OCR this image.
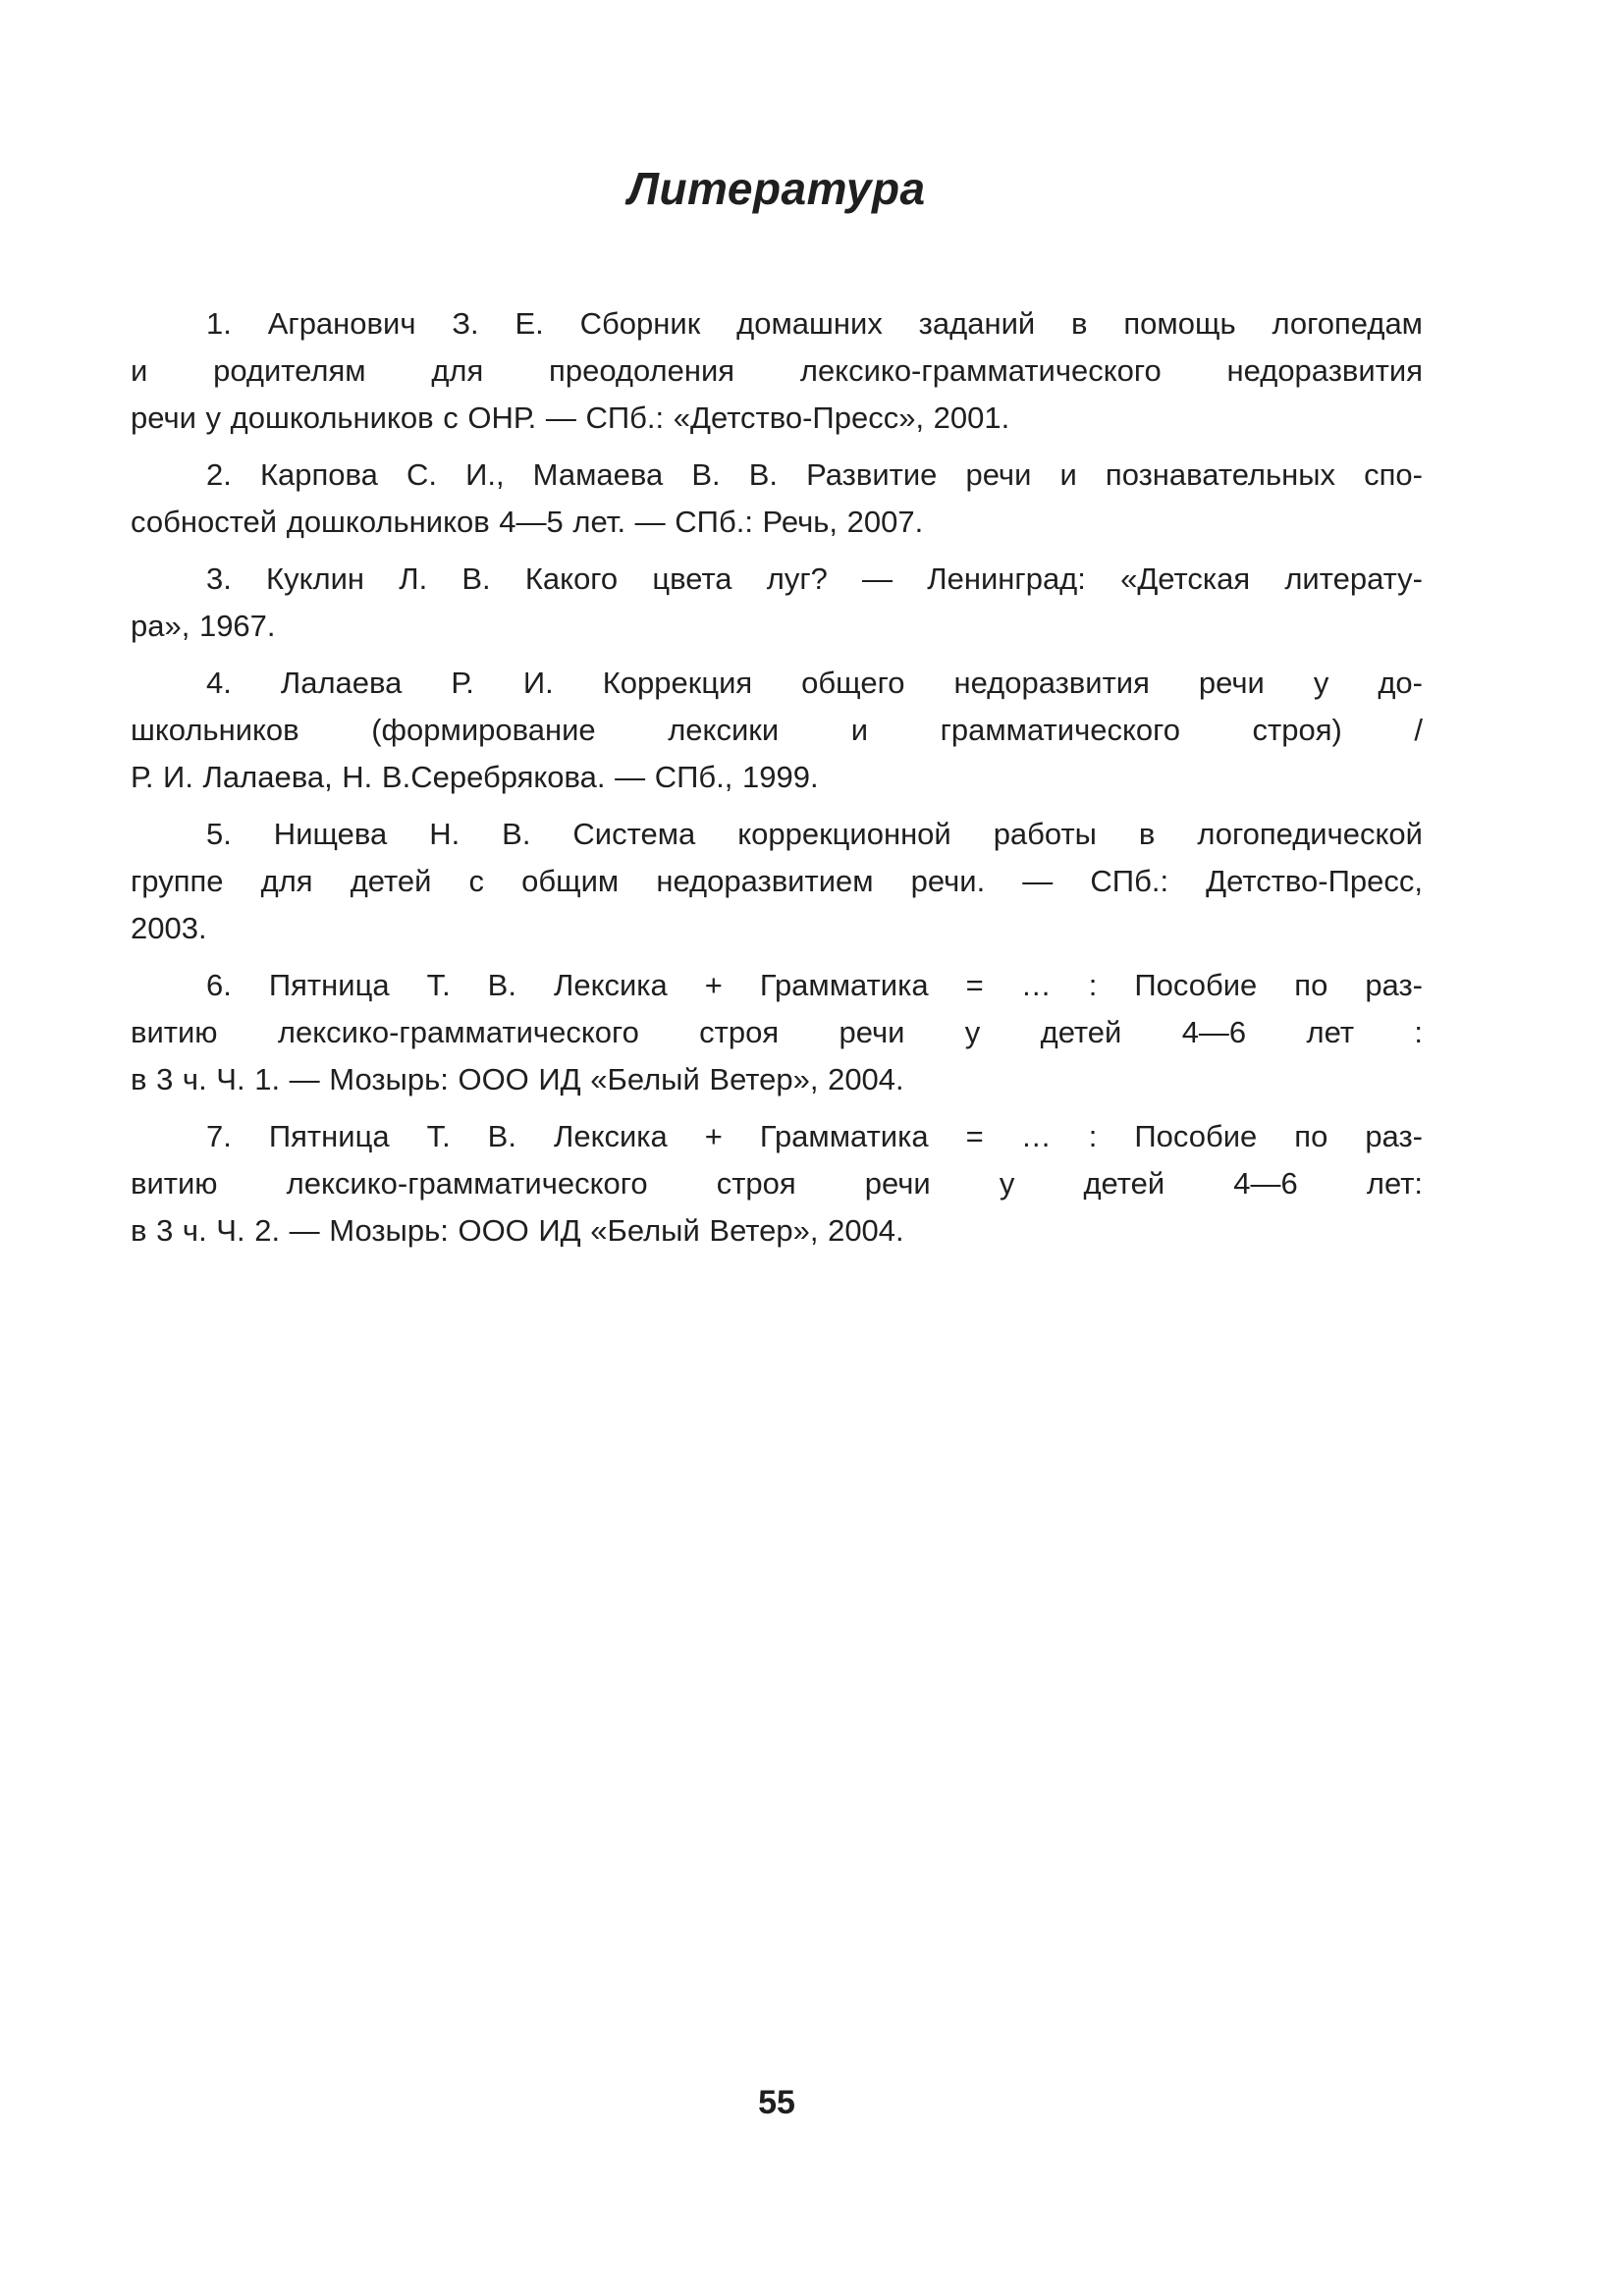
Литература
1. Агранович З. Е. Сборник домашних заданий в помощь логопедам
и родителям для преодоления лексико-грамматического недоразвития
речи у дошкольников с ОНР. — СПб.: «Детство-Пресс», 2001.
2. Карпова С. И., Мамаева В. В. Развитие речи и познавательных спо-
собностей дошкольников 4—5 лет. — СПб.: Речь, 2007.
3. Куклин Л. В. Какого цвета луг? — Ленинград: «Детская литерату-
ра», 1967.
4. Лалаева Р. И. Коррекция общего недоразвития речи у до-
школьников (формирование лексики и грамматического строя) /
Р. И. Лалаева, Н. В.Серебрякова. — СПб., 1999.
5. Нищева Н. В. Система коррекционной работы в логопедической
группе для детей с общим недоразвитием речи. — СПб.: Детство-Пресс,
2003.
6. Пятница Т. В. Лексика + Грамматика = … : Пособие по раз-
витию лексико-грамматического строя речи у детей 4—6 лет :
в 3 ч. Ч. 1. — Мозырь: ООО ИД «Белый Ветер», 2004.
7. Пятница Т. В. Лексика + Грамматика = … : Пособие по раз-
витию лексико-грамматического строя речи у детей 4—6 лет:
в 3 ч. Ч. 2. — Мозырь: ООО ИД «Белый Ветер», 2004.
55
